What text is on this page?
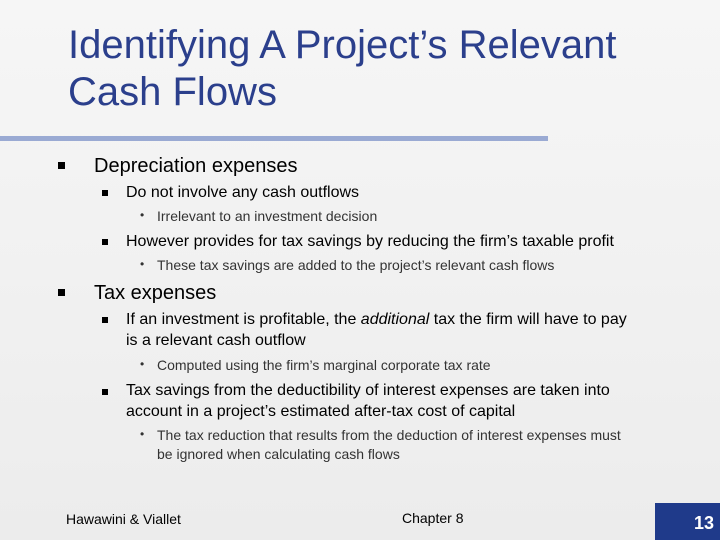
Identifying A Project’s Relevant
Cash Flows
Depreciation expenses
Do not involve any cash outflows
• Irrelevant to an investment decision
However provides for tax savings by reducing the firm’s taxable profit
• These tax savings are added to the project’s relevant cash flows
Tax expenses
If an investment is profitable, the additional tax the firm will have to pay
is a relevant cash outflow
• Computed using the firm’s marginal corporate tax rate
Tax savings from the deductibility of interest expenses are taken into
account in a project’s estimated after-tax cost of capital
• The tax reduction that results from the deduction of interest expenses must
be ignored when calculating cash flows
Hawawini & Viallet	Chapter 8	13
